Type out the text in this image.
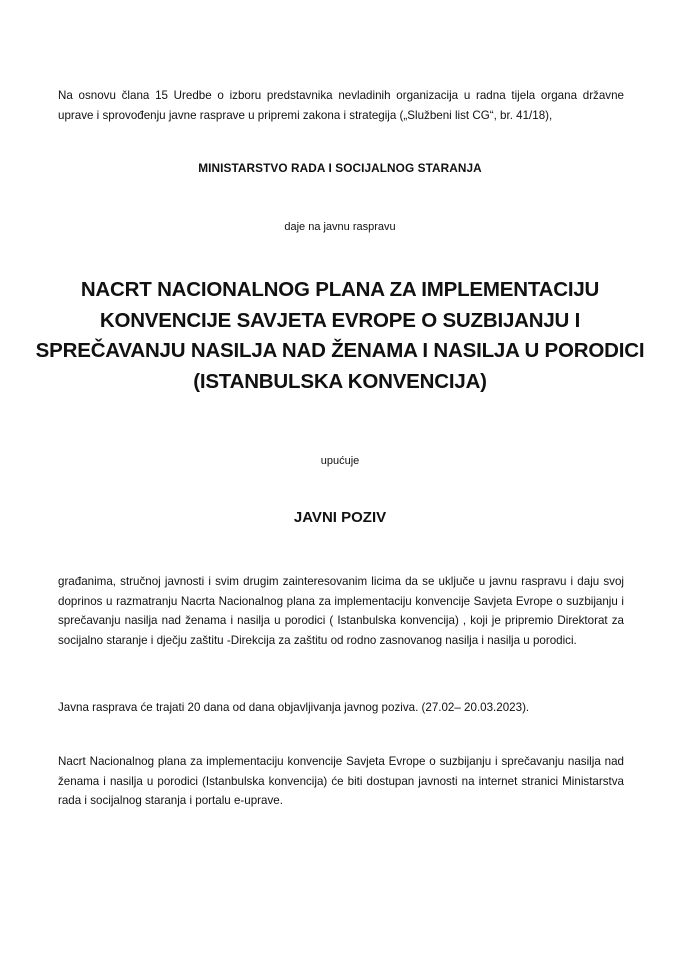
Na osnovu člana 15 Uredbe o izboru predstavnika nevladinih organizacija u radna tijela organa državne uprave i sprovođenju javne rasprave u pripremi zakona i strategija („Službeni list CG“, br. 41/18),

MINISTARSTVO RADA I SOCIJALNOG STARANJA

daje na javnu raspravu

NACRT NACIONALNOG PLANA ZA IMPLEMENTACIJU KONVENCIJE SAVJETA EVROPE O SUZBIJANJU I SPREČAVANJU NASILJA NAD ŽENAMA I NASILJA U PORODICI (ISTANBULSKA KONVENCIJA)

upućuje

JAVNI POZIV

građanima, stručnoj javnosti i svim drugim zainteresovanim licima da se uključe u javnu raspravu i daju svoj doprinos u razmatranju Nacrta Nacionalnog plana za implementaciju konvencije Savjeta Evrope o suzbijanju i sprečavanju nasilja nad ženama i nasilja u porodici ( Istanbulska konvencija) , koji je pripremio Direktorat za socijalno staranje i dječju zaštitu -Direkcija za zaštitu od rodno zasnovanog nasilja i nasilja u porodici.

Javna rasprava će trajati 20 dana od dana objavljivanja javnog poziva. (27.02– 20.03.2023).

Nacrt Nacionalnog plana za implementaciju konvencije Savjeta Evrope o suzbijanju i sprečavanju nasilja nad ženama i nasilja u porodici (Istanbulska konvencija) će biti dostupan javnosti na internet stranici Ministarstva rada i socijalnog staranja i portalu e-uprave.
